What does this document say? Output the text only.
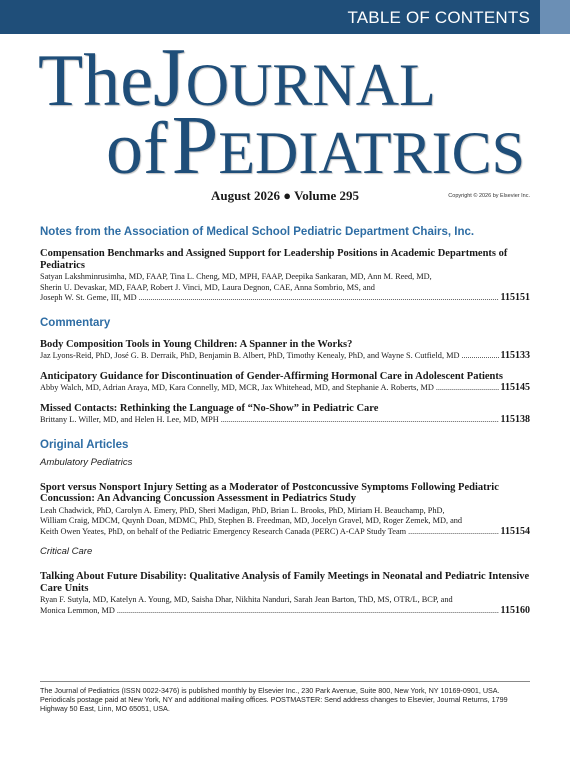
TABLE OF CONTENTS
TheJOURNAL
of PEDIATRICS
August 2026 ● Volume 295	Copyright © 2026 by Elsevier Inc.
Notes from the Association of Medical School Pediatric Department Chairs, Inc.
Compensation Benchmarks and Assigned Support for Leadership Positions in Academic Departments of Pediatrics
Satyan Lakshminrusimha, MD, FAAP, Tina L. Cheng, MD, MPH, FAAP, Deepika Sankaran, MD, Ann M. Reed, MD,
Sherin U. Devaskar, MD, FAAP, Robert J. Vinci, MD, Laura Degnon, CAE, Anna Sombrio, MS, and
Joseph W. St. Geme, III, MD .....	115151
Commentary
Body Composition Tools in Young Children: A Spanner in the Works?
Jaz Lyons-Reid, PhD, José G. B. Derraik, PhD, Benjamin B. Albert, PhD, Timothy Kenealy, PhD, and Wayne S. Cutfield, MD .....	115133
Anticipatory Guidance for Discontinuation of Gender-Affirming Hormonal Care in Adolescent Patients
Abby Walch, MD, Adrian Araya, MD, Kara Connelly, MD, MCR, Jax Whitehead, MD, and Stephanie A. Roberts, MD .....	115145
Missed Contacts: Rethinking the Language of “No-Show” in Pediatric Care
Brittany L. Willer, MD, and Helen H. Lee, MD, MPH .....	115138
Original Articles
Ambulatory Pediatrics
Sport versus Nonsport Injury Setting as a Moderator of Postconcussive Symptoms Following Pediatric Concussion: An Advancing Concussion Assessment in Pediatrics Study
Leah Chadwick, PhD, Carolyn A. Emery, PhD, Sheri Madigan, PhD, Brian L. Brooks, PhD, Miriam H. Beauchamp, PhD,
William Craig, MDCM, Quynh Doan, MDMC, PhD, Stephen B. Freedman, MD, Jocelyn Gravel, MD, Roger Zemek, MD, and
Keith Owen Yeates, PhD, on behalf of the Pediatric Emergency Research Canada (PERC) A-CAP Study Team .....	115154
Critical Care
Talking About Future Disability: Qualitative Analysis of Family Meetings in Neonatal and Pediatric Intensive Care Units
Ryan F. Sutyla, MD, Katelyn A. Young, MD, Saisha Dhar, Nikhita Nanduri, Sarah Jean Barton, ThD, MS, OTR/L, BCP, and
Monica Lemmon, MD .....	115160
The Journal of Pediatrics (ISSN 0022-3476) is published monthly by Elsevier Inc., 230 Park Avenue, Suite 800, New York, NY 10169-0901, USA. Periodicals postage paid at New York, NY and additional mailing offices. POSTMASTER: Send address changes to Elsevier, Journal Returns, 1799 Highway 50 East, Linn, MO 65051, USA.
